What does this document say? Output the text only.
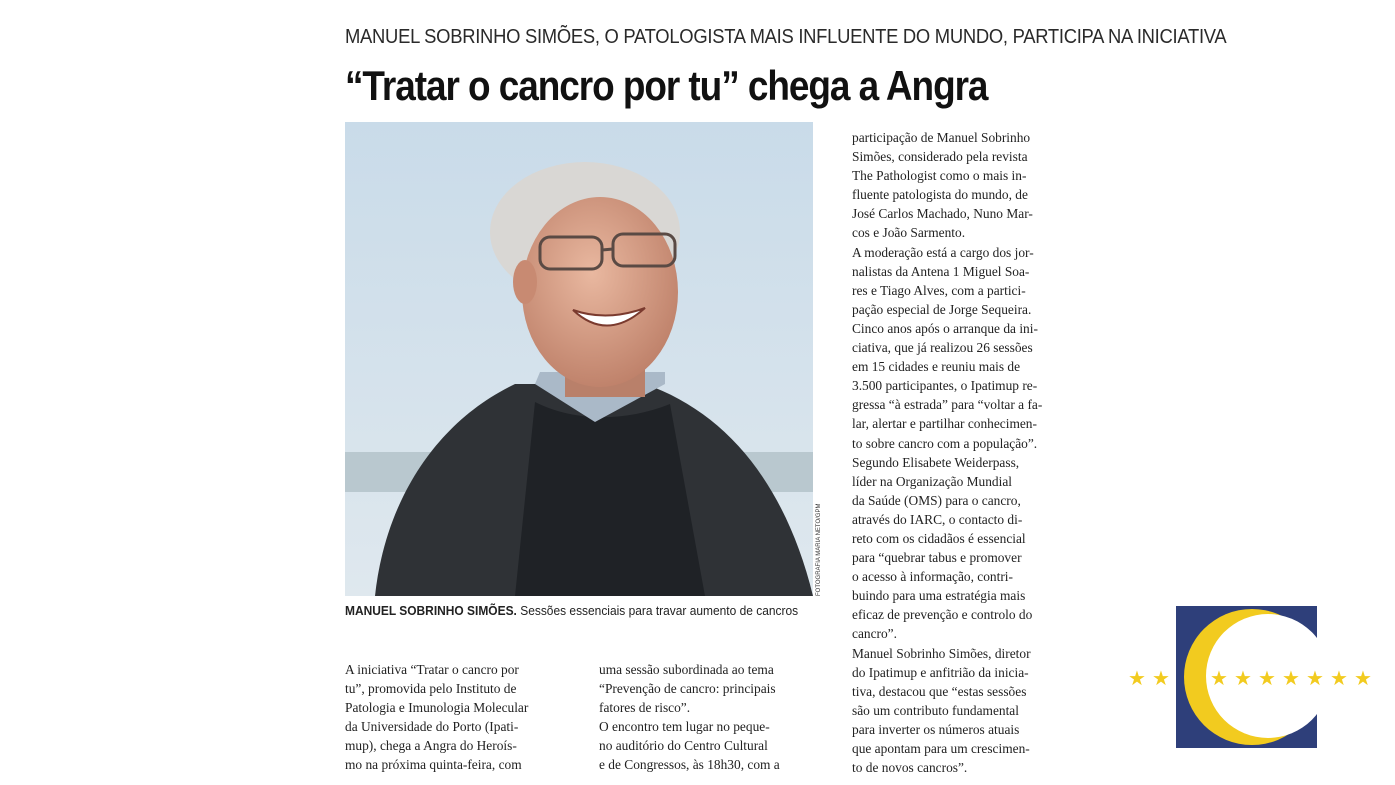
MANUEL SOBRINHO SIMÕES, O PATOLOGISTA MAIS INFLUENTE DO MUNDO, PARTICIPA NA INICIATIVA
“Tratar o cancro por tu” chega a Angra
FOTOGRAFIA MÁRIA NETO/GPM
MANUEL SOBRINHO SIMÕES. Sessões essenciais para travar aumento de cancros

A iniciativa “Tratar o cancro por

tu”, promovida pelo Instituto de

Patologia e Imunologia Molecular

da Universidade do Porto (Ipati-

mup), chega a Angra do Heroís-

mo na próxima quinta-feira, com

uma sessão subordinada ao tema

“Prevenção de cancro: principais

fatores de risco”.

O encontro tem lugar no peque-

no auditório do Centro Cultural

e de Congressos, às 18h30, com a

participação de Manuel Sobrinho

Simões, considerado pela revista

The Pathologist como o mais in-

fluente patologista do mundo, de

José Carlos Machado, Nuno Mar-

cos e João Sarmento.

A moderação está a cargo dos jor-

nalistas da Antena 1 Miguel Soa-

res e Tiago Alves, com a partici-

pação especial de Jorge Sequeira.

Cinco anos após o arranque da ini-

ciativa, que já realizou 26 sessões

em 15 cidades e reuniu mais de

3.500 participantes, o Ipatimup re-

gressa “à estrada” para “voltar a fa-

lar, alertar e partilhar conhecimen-

to sobre cancro com a população”.

Segundo Elisabete Weiderpass,

líder na Organização Mundial

da Saúde (OMS) para o cancro,

através do IARC, o contacto di-

reto com os cidadãos é essencial

para “quebrar tabus e promover

o acesso à informação, contri-

buindo para uma estratégia mais

eficaz de prevenção e controlo do

cancro”.

Manuel Sobrinho Simões, diretor

do Ipatimup e anfitrião da inicia-

tiva, destacou que “estas sessões

são um contributo fundamental

para inverter os números atuais

que apontam para um crescimen-

to de novos cancros”.

★ ★ ★ ★ ★ ★ ★ ★ ★
